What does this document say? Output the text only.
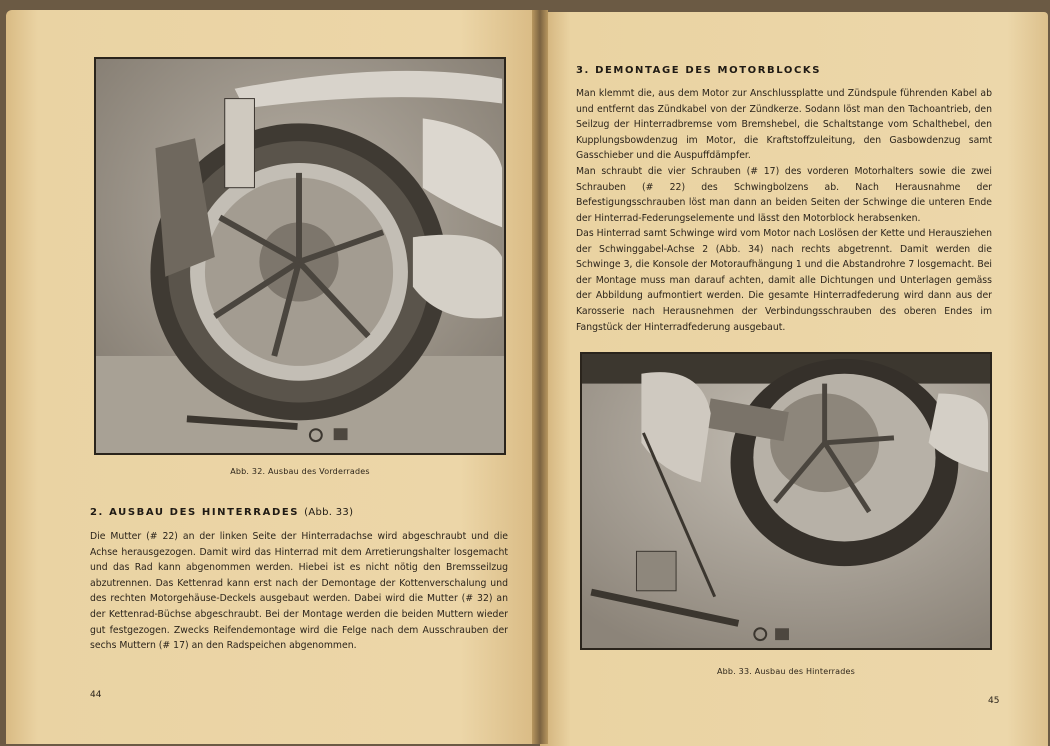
Abb. 32. Ausbau des Vorderrades
2. AUSBAU DES HINTERRADES (Abb. 33)

Die Mutter (# 22) an der linken Seite der Hinterradachse wird abgeschraubt und die Achse herausgezogen. Damit wird das Hinterrad mit dem Arretierungshalter losgemacht und das Rad kann abgenommen werden. Hiebei ist es nicht nötig den Bremsseilzug abzutrennen. Das Kettenrad kann erst nach der Demontage der Kottenverschalung und des rechten Motorgehäuse-Deckels ausgebaut werden. Dabei wird die Mutter (# 32) an der Kettenrad-Büchse abgeschraubt. Bei der Montage werden die beiden Muttern wieder gut festgezogen. Zwecks Reifendemontage wird die Felge nach dem Ausschrauben der sechs Muttern (# 17) an den Radspeichen abgenommen.

44
3. DEMONTAGE DES MOTORBLOCKS

Man klemmt die, aus dem Motor zur Anschlussplatte und Zündspule führenden Kabel ab und entfernt das Zündkabel von der Zündkerze. Sodann löst man den Tachoantrieb, den Seilzug der Hinterradbremse vom Bremshebel, die Schaltstange vom Schalthebel, den Kupplungsbowdenzug im Motor, die Kraftstoffzuleitung, den Gasbowdenzug samt Gasschieber und die Auspuffdämpfer.

Man schraubt die vier Schrauben (# 17) des vorderen Motorhalters sowie die zwei Schrauben (# 22) des Schwingbolzens ab. Nach Herausnahme der Befestigungsschrauben löst man dann an beiden Seiten der Schwinge die unteren Ende der Hinterrad-Federungselemente und lässt den Motorblock herabsenken.

Das Hinterrad samt Schwinge wird vom Motor nach Loslösen der Kette und Herausziehen der Schwinggabel-Achse 2 (Abb. 34) nach rechts abgetrennt. Damit werden die Schwinge 3, die Konsole der Motoraufhängung 1 und die Abstandrohre 7 losgemacht. Bei der Montage muss man darauf achten, damit alle Dichtungen und Unterlagen gemäss der Abbildung aufmontiert werden. Die gesamte Hinterradfederung wird dann aus der Karosserie nach Herausnehmen der Verbindungsschrauben des oberen Endes im Fangstück der Hinterradfederung ausgebaut.

Abb. 33. Ausbau des Hinterrades
45
